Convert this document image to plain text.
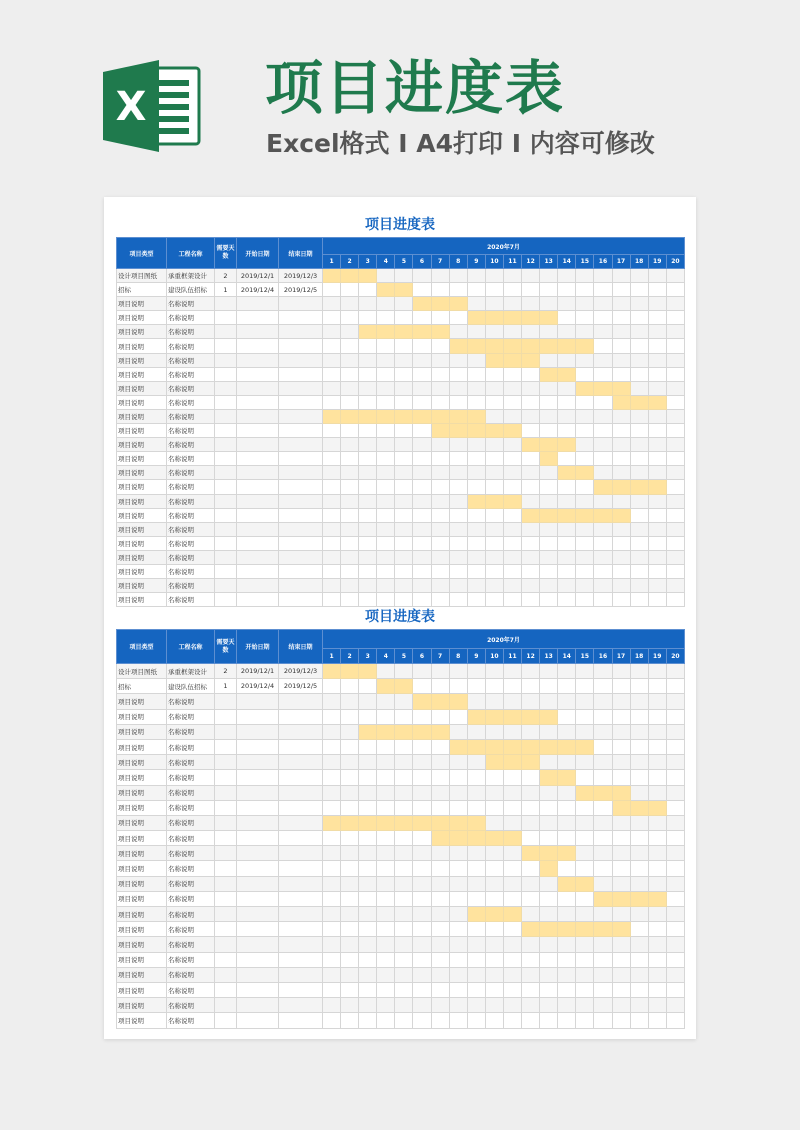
X 项目进度表
Excel格式 I A4打印 I 内容可修改
项目进度表
项目类型	工程名称	需要天数	开始日期	结束日期	2020年7月																			
					1	2	3	4	5	6	7	8	9	10	11	12	13	14	15	16	17	18	19	20
设计项目图纸	承重框架设计	2	2019/12/1	2019/12/3																				
招标	建设队伍招标	1	2019/12/4	2019/12/5																				
项目说明	名称说明																							
项目说明	名称说明																							
项目说明	名称说明																							
项目说明	名称说明																							
项目说明	名称说明																							
项目说明	名称说明																							
项目说明	名称说明																							
项目说明	名称说明																							
项目说明	名称说明																							
项目说明	名称说明																							
项目说明	名称说明																							
项目说明	名称说明																							
项目说明	名称说明																							
项目说明	名称说明																							
项目说明	名称说明																							
项目说明	名称说明																							
项目说明	名称说明																							
项目说明	名称说明																							
项目说明	名称说明																							
项目说明	名称说明																							
项目说明	名称说明																							
项目说明	名称说明																							
项目进度表
项目类型	工程名称	需要天数	开始日期	结束日期	2020年7月																			
					1	2	3	4	5	6	7	8	9	10	11	12	13	14	15	16	17	18	19	20
设计项目图纸	承重框架设计	2	2019/12/1	2019/12/3																				
招标	建设队伍招标	1	2019/12/4	2019/12/5																				
项目说明	名称说明																							
项目说明	名称说明																							
项目说明	名称说明																							
项目说明	名称说明																							
项目说明	名称说明																							
项目说明	名称说明																							
项目说明	名称说明																							
项目说明	名称说明																							
项目说明	名称说明																							
项目说明	名称说明																							
项目说明	名称说明																							
项目说明	名称说明																							
项目说明	名称说明																							
项目说明	名称说明																							
项目说明	名称说明																							
项目说明	名称说明																							
项目说明	名称说明																							
项目说明	名称说明																							
项目说明	名称说明																							
项目说明	名称说明																							
项目说明	名称说明																							
项目说明	名称说明																							
